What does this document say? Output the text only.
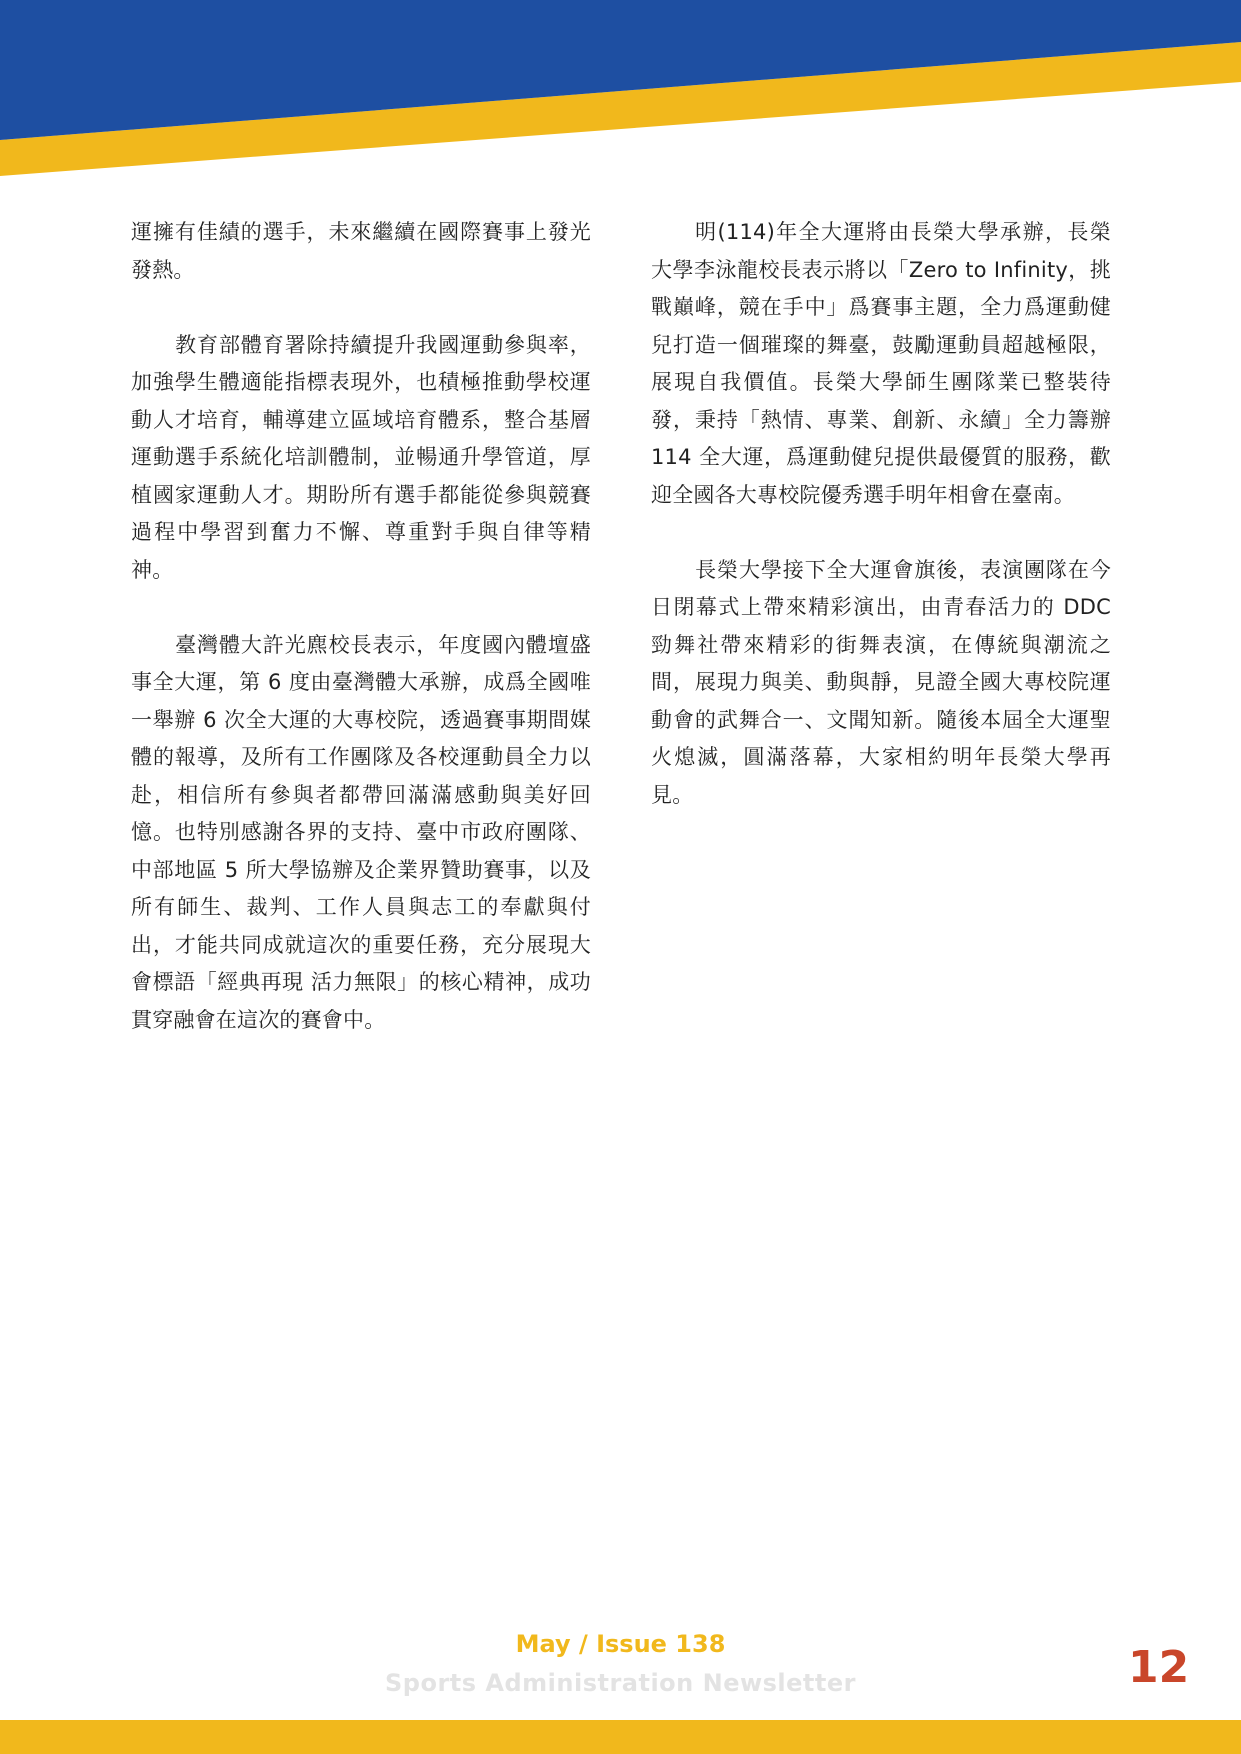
運擁有佳績的選手，未來繼續在國際賽事上發光發熱。

教育部體育署除持續提升我國運動參與率，加強學生體適能指標表現外，也積極推動學校運動人才培育，輔導建立區域培育體系，整合基層運動選手系統化培訓體制，並暢通升學管道，厚植國家運動人才。期盼所有選手都能從參與競賽過程中學習到奮力不懈、尊重對手與自律等精神。

臺灣體大許光麃校長表示，年度國內體壇盛事全大運，第 6 度由臺灣體大承辦，成爲全國唯一舉辦 6 次全大運的大專校院，透過賽事期間媒體的報導，及所有工作團隊及各校運動員全力以赴，相信所有參與者都帶回滿滿感動與美好回憶。也特別感謝各界的支持、臺中市政府團隊、中部地區 5 所大學協辦及企業界贊助賽事，以及所有師生、裁判、工作人員與志工的奉獻與付出，才能共同成就這次的重要任務，充分展現大會標語「經典再現 活力無限」的核心精神，成功貫穿融會在這次的賽會中。

明(114)年全大運將由長榮大學承辦，長榮大學李泳龍校長表示將以「Zero to Infinity，挑戰巔峰，競在手中」爲賽事主題，全力爲運動健兒打造一個璀璨的舞臺，鼓勵運動員超越極限，展現自我價值。長榮大學師生團隊業已整裝待發，秉持「熱情、專業、創新、永續」全力籌辦 114 全大運，爲運動健兒提供最優質的服務，歡迎全國各大專校院優秀選手明年相會在臺南。

長榮大學接下全大運會旗後，表演團隊在今日閉幕式上帶來精彩演出，由青春活力的 DDC 勁舞社帶來精彩的街舞表演，在傳統與潮流之間，展現力與美、動與靜，見證全國大專校院運動會的武舞合一、文聞知新。隨後本屆全大運聖火熄滅，圓滿落幕，大家相約明年長榮大學再見。

May / Issue 138
Sports Administration Newsletter	12
